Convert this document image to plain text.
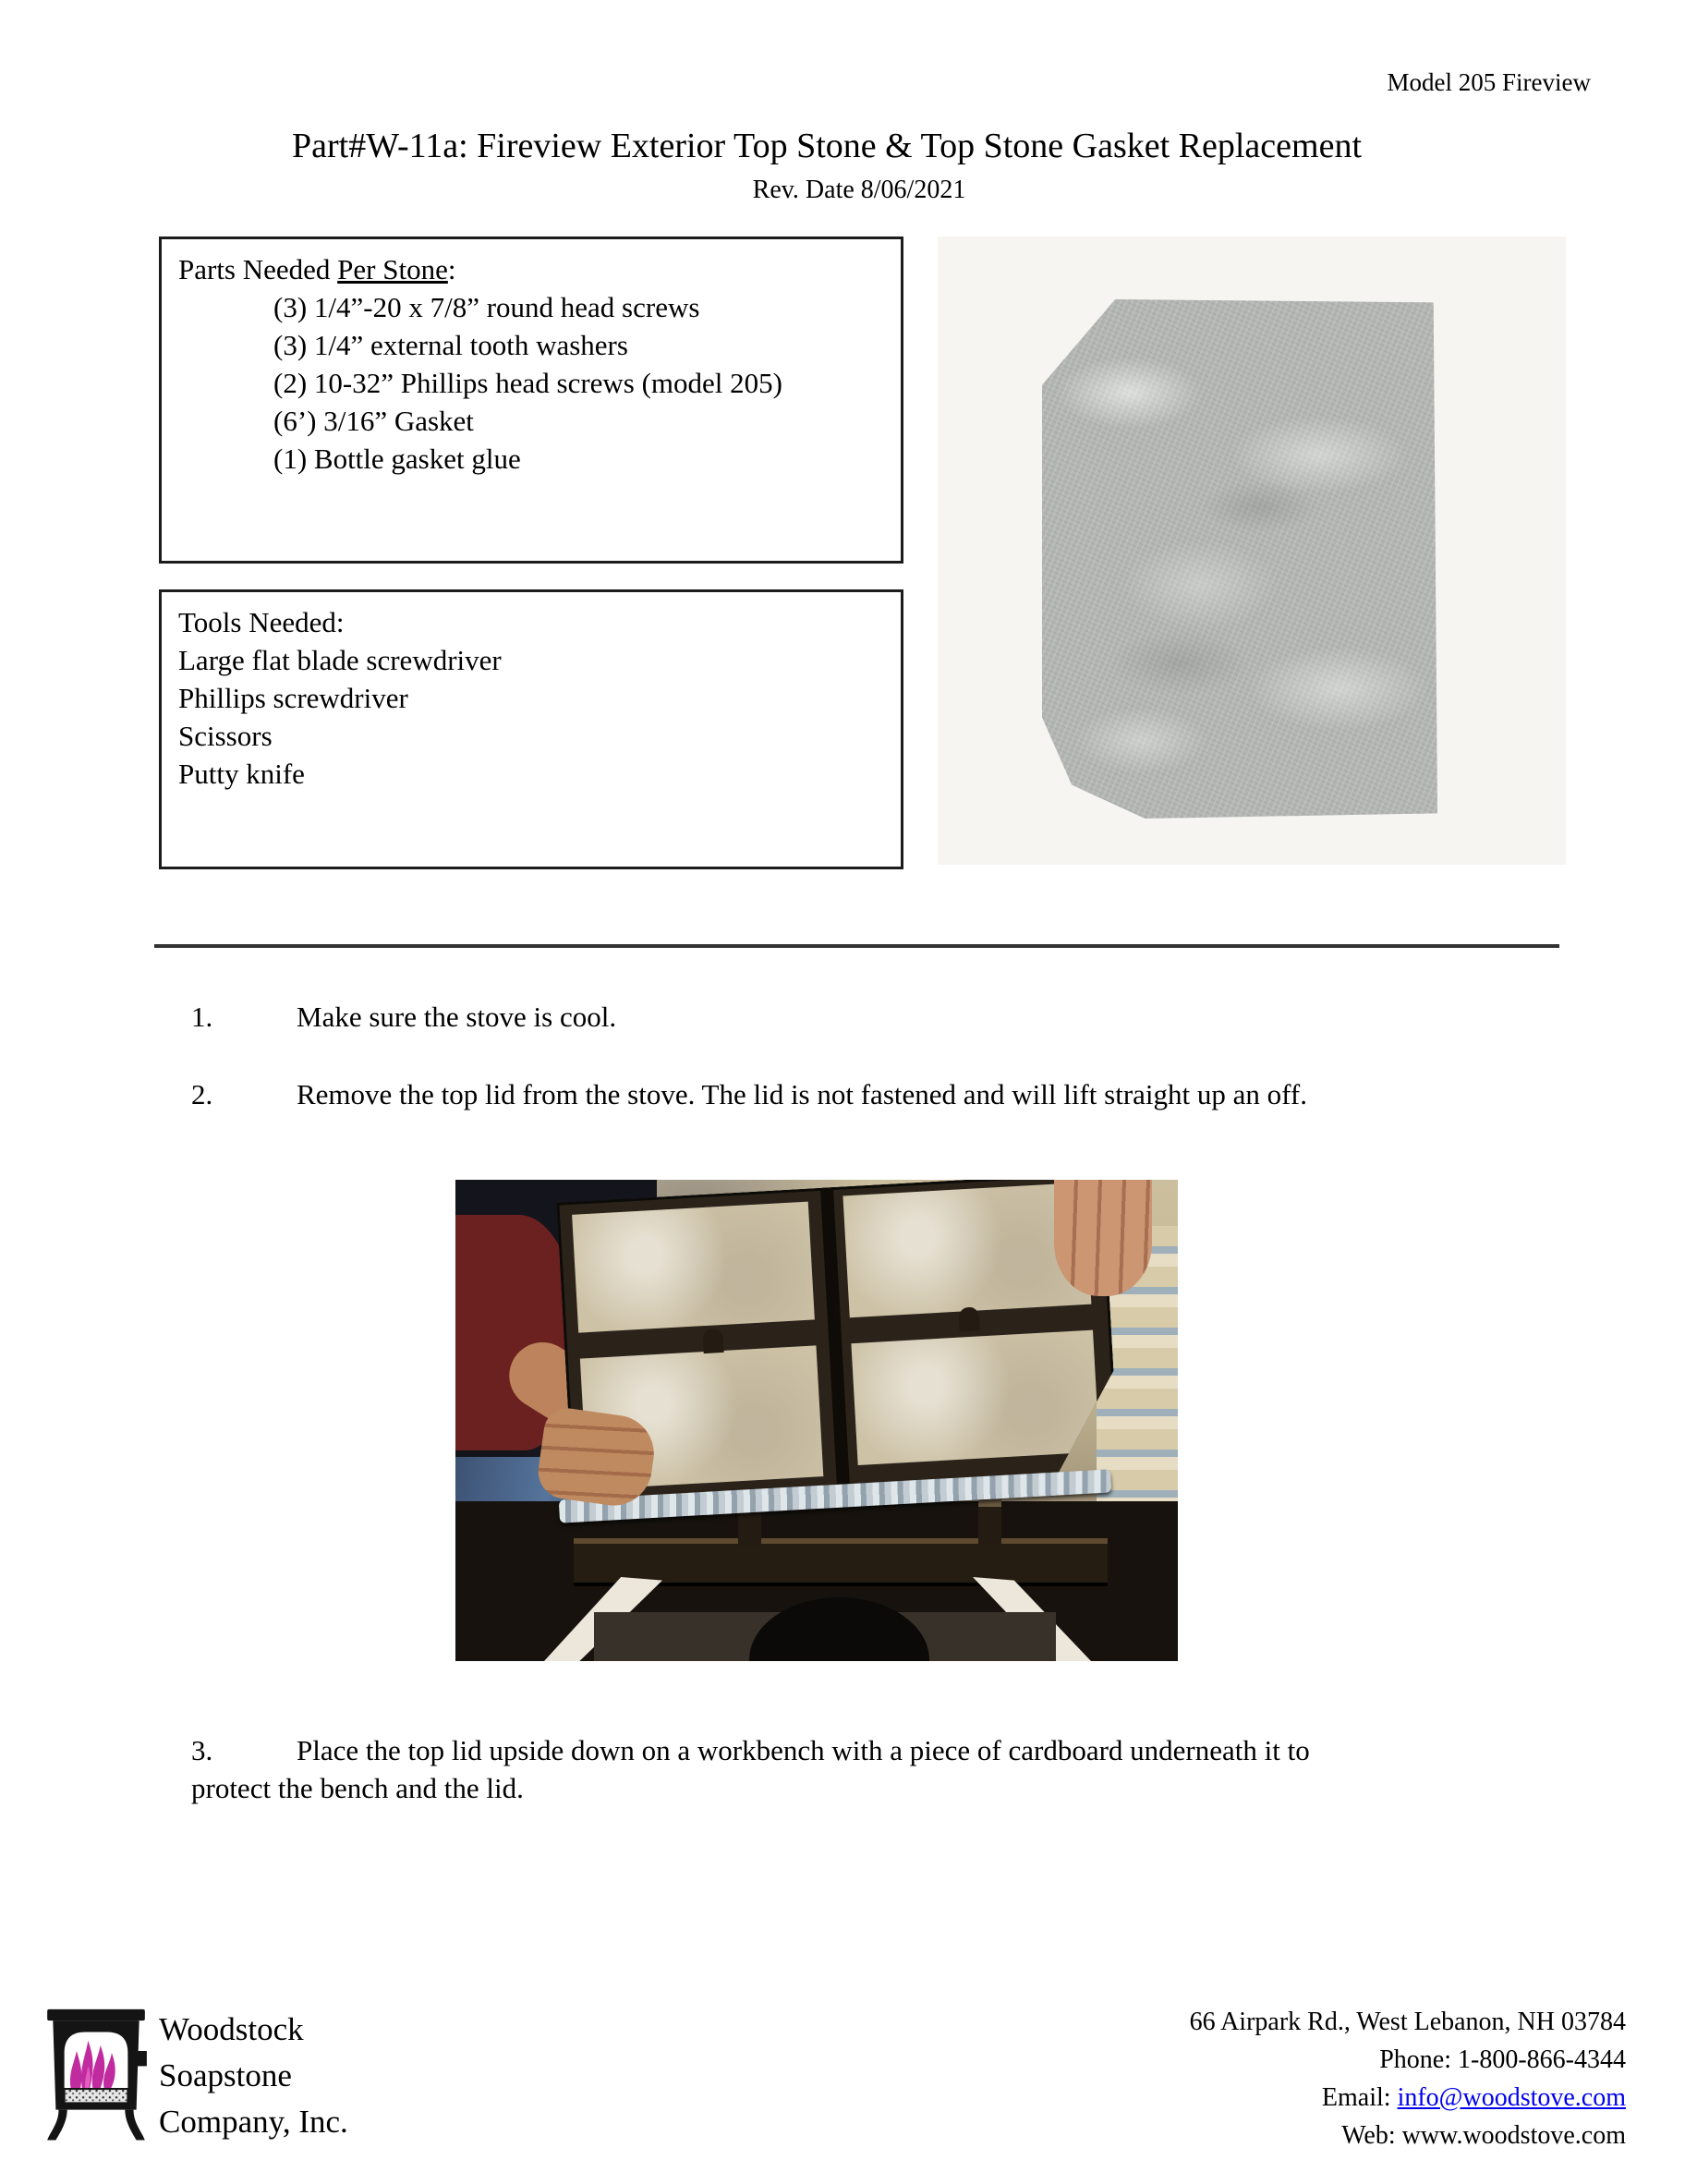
Model 205 Fireview
Part#W-11a: Fireview Exterior Top Stone & Top Stone Gasket Replacement
Rev. Date 8/06/2021
Parts Needed Per Stone:
(3) 1/4”-20 x 7/8” round head screws
(3) 1/4” external tooth washers
(2) 10-32” Phillips head screws (model 205)
(6’) 3/16” Gasket
(1) Bottle gasket glue
Tools Needed:
Large flat blade screwdriver
Phillips screwdriver
Scissors
Putty knife
1.	Make sure the stove is cool.
2.	Remove the top lid from the stove. The lid is not fastened and will lift straight up an off.
3.	Place the top lid upside down on a workbench with a piece of cardboard underneath it to
protect the bench and the lid.
Woodstock
Soapstone
Company, Inc.
66 Airpark Rd., West Lebanon, NH 03784
Phone: 1-800-866-4344
Email: info@woodstove.com
Web: www.woodstove.com
